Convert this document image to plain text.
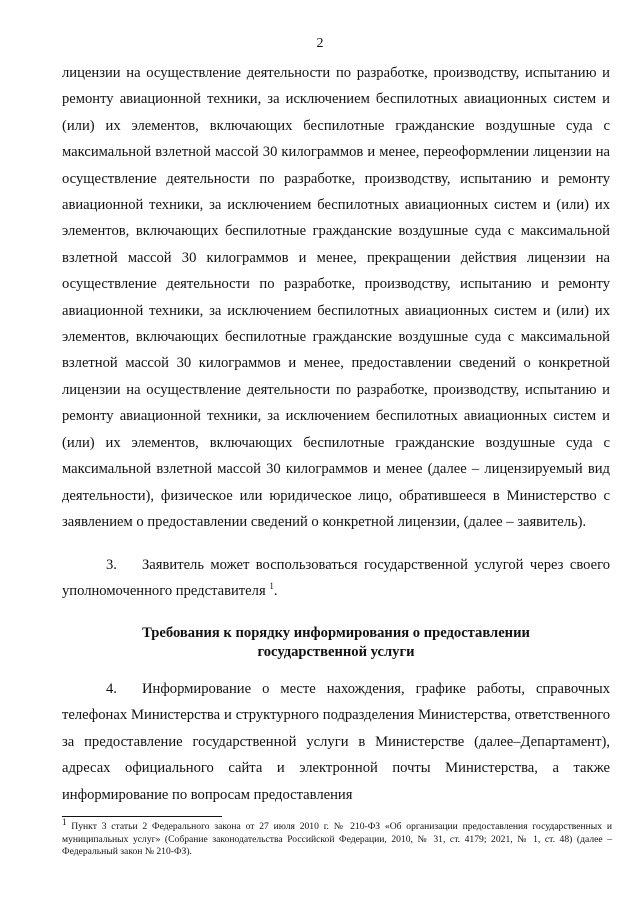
2

лицензии на осуществление деятельности по разработке, производству, испытанию и ремонту авиационной техники, за исключением беспилотных авиационных систем и (или) их элементов, включающих беспилотные гражданские воздушные суда с максимальной взлетной массой 30 килограммов и менее, переоформлении лицензии на осуществление деятельности по разработке, производству, испытанию и ремонту авиационной техники, за исключением беспилотных авиационных систем и (или) их элементов, включающих беспилотные гражданские воздушные суда с максимальной взлетной массой 30 килограммов и менее, прекращении действия лицензии на осуществление деятельности по разработке, производству, испытанию и ремонту авиационной техники, за исключением беспилотных авиационных систем и (или) их элементов, включающих беспилотные гражданские воздушные суда с максимальной взлетной массой 30 килограммов и менее, предоставлении сведений о конкретной лицензии на осуществление деятельности по разработке, производству, испытанию и ремонту авиационной техники, за исключением беспилотных авиационных систем и (или) их элементов, включающих беспилотные гражданские воздушные суда с максимальной взлетной массой 30 килограммов и менее (далее – лицензируемый вид деятельности), физическое или юридическое лицо, обратившееся в Министерство с заявлением о предоставлении сведений о конкретной лицензии, (далее – заявитель).

3. Заявитель может воспользоваться государственной услугой через своего уполномоченного представителя $^1$.

Требования к порядку информирования о предоставлении
государственной услуги

4. Информирование о месте нахождения, графике работы, справочных телефонах Министерства и структурного подразделения Министерства, ответственного за предоставление государственной услуги в Министерстве (далее–Департамент), адресах официального сайта и электронной почты Министерства, а также информирование по вопросам предоставления

1 Пункт 3 статьи 2 Федерального закона от 27 июля 2010 г. № 210-ФЗ «Об организации предоставления государственных и муниципальных услуг» (Собрание законодательства Российской Федерации, 2010, № 31, ст. 4179; 2021, № 1, ст. 48) (далее – Федеральный закон № 210-ФЗ).
